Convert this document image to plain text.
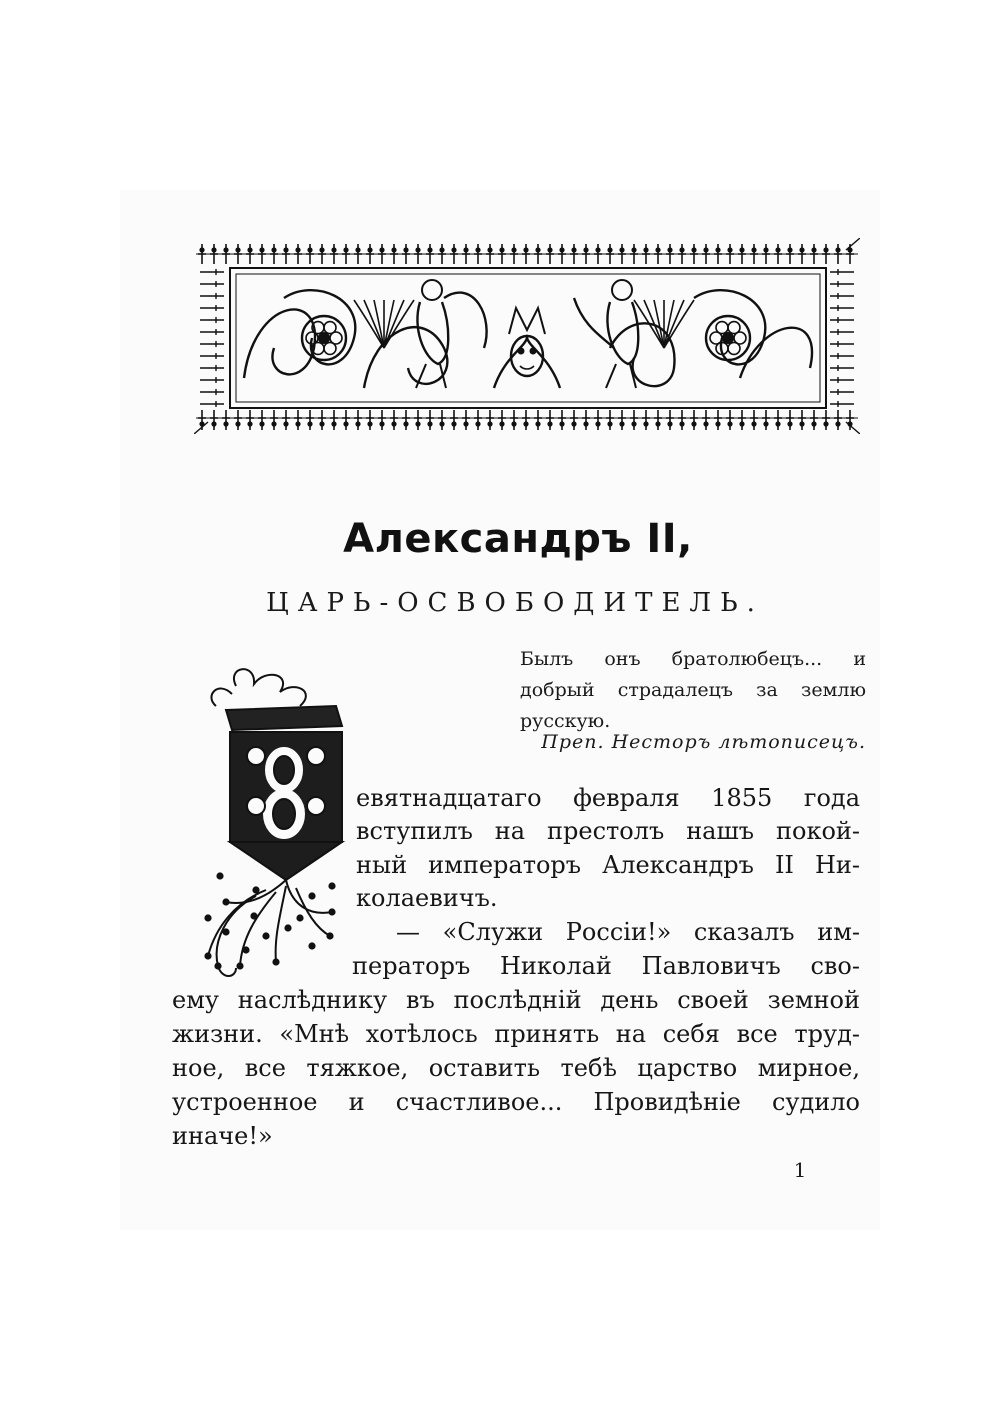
Александръ II,
ЦАРЬ-ОСВОБОДИТЕЛЬ.
Былъ онъ братолюбецъ... и
добрый страдалецъ за землю
русскую.
Преп. Несторъ лѣтописецъ.
евятнадцатаго февраля 1855 года
вступилъ на престолъ нашъ покой-
ный императоръ Александръ II Ни-
колаевичъ.
— «Служи Россіи!» сказалъ им-
ператоръ Николай Павловичъ сво-
ему наслѣднику въ послѣдній день своей земной
жизни. «Мнѣ хотѣлось принять на себя все труд-
ное, все тяжкое, оставить тебѣ царство мирное,
устроенное и счастливое... Провидѣніе судило
иначе!»
1
